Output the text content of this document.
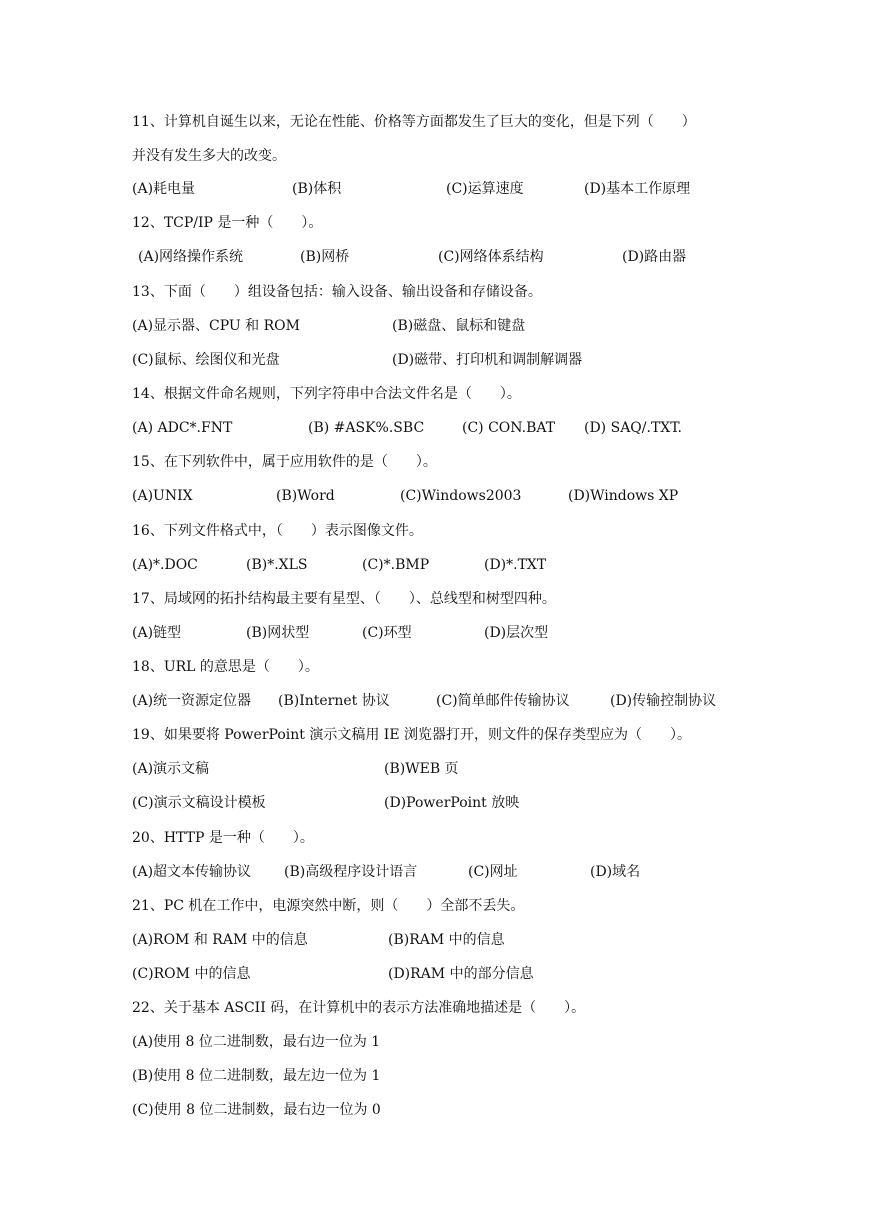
11、计算机自诞生以来，无论在性能、价格等方面都发生了巨大的变化，但是下列（　　）
并没有发生多大的改变。
(A)耗电量	(B)体积	(C)运算速度	(D)基本工作原理
12、TCP/IP 是一种（　　）。
(A)网络操作系统	(B)网桥	(C)网络体系结构	(D)路由器
13、下面（　　）组设备包括：输入设备、输出设备和存储设备。
(A)显示器、CPU 和 ROM	(B)磁盘、鼠标和键盘
(C)鼠标、绘图仪和光盘	(D)磁带、打印机和调制解调器
14、根据文件命名规则，下列字符串中合法文件名是（　　）。
(A) ADC*.FNT	(B) #ASK%.SBC	(C) CON.BAT (D) SAQ/.TXT.
15、在下列软件中，属于应用软件的是（　　）。
(A)UNIX	(B)Word	(C)Windows2003	(D)Windows XP
16、下列文件格式中，（　　）表示图像文件。
(A)*.DOC	(B)*.XLS	(C)*.BMP	(D)*.TXT
17、局域网的拓扑结构最主要有星型、（　　）、总线型和树型四种。
(A)链型	(B)网状型	(C)环型	(D)层次型
18、URL 的意思是（　　）。
(A)统一资源定位器 (B)Internet 协议	(C)简单邮件传输协议	(D)传输控制协议
19、如果要将 PowerPoint 演示文稿用 IE 浏览器打开，则文件的保存类型应为（　　）。
(A)演示文稿	(B)WEB 页
(C)演示文稿设计模板	(D)PowerPoint 放映
20、HTTP 是一种（　　）。
(A)超文本传输协议 (B)高级程序设计语言	(C)网址	(D)域名
21、PC 机在工作中，电源突然中断，则（　　）全部不丢失。
(A)ROM 和 RAM 中的信息	(B)RAM 中的信息
(C)ROM 中的信息	(D)RAM 中的部分信息
22、关于基本 ASCII 码，在计算机中的表示方法准确地描述是（　　）。
(A)使用 8 位二进制数，最右边一位为 1
(B)使用 8 位二进制数，最左边一位为 1
(C)使用 8 位二进制数，最右边一位为 0
